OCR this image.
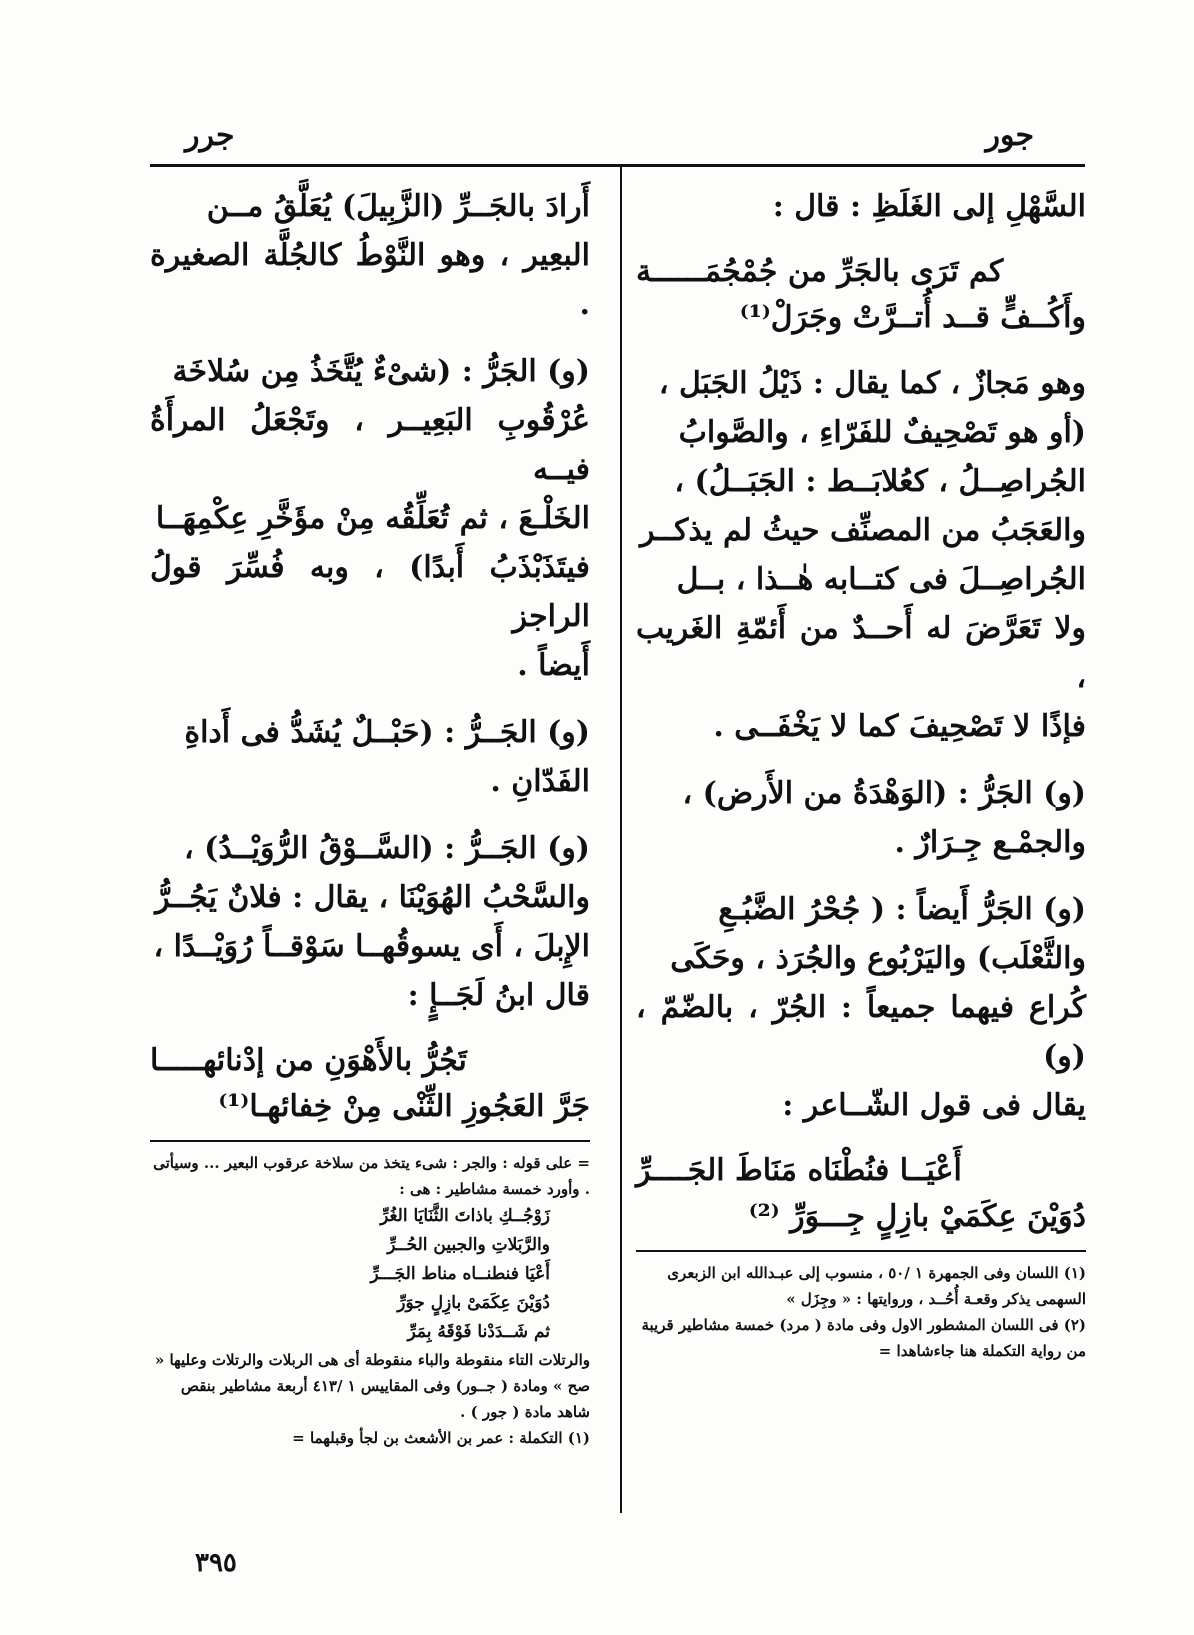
جور
جرر

السَّهْلِ إلى الغَلَظِ : قال :

كم تَرَى بالجَرِّ من جُمْجُمَــــــة

وأَكُــفٍّ قــد أُتــرَّتْ وجَرَلْ⁽¹⁾

وهو مَجازٌ ، كما يقال : ذَيْلُ الجَبَل ،

(أو هو تَصْحِيفٌ للفَرّاءِ ، والصَّوابُ

الجُراصِــلُ ، كعُلابَــط : الجَبَــلُ) ،

والعَجَبُ من المصنِّف حيثُ لم يذكــر

الجُراصِــلَ فى كتــابه هٰــذا ، بــل

ولا تَعَرَّضَ له أَحــدٌ من أَئمّةِ الغَريب ،

فإذًا لا تَصْحِيفَ كما لا يَخْفَــى .

(و) الجَرُّ : (الوَهْدَةُ من الأَرض) ،

والجمْـع جِـرَارٌ .

(و) الجَرُّ أَيضاً : ( جُحْرُ الضَّبُـعِ

والثَّعْلَب) واليَرْبُوع والجُرَذ ، وحَكَى

كُراع فيهما جميعاً : الجُرّ ، بالضّمّ ، (و)

يقال فى قول الشّــاعر :

أَعْيَــا فنُطْنَاه مَنَاطَ الجَــــرِّ

دُوَيْنَ عِكَمَيْ بازِلٍ جِـــوَرِّ ⁽²⁾

(١) اللسان وفى الجمهرة ١ /٥٠ ، منسوب إلى عبـدالله ابن الزبعرى السهمى يذكر وقعـة أُحُــد ، وروايتها : « وجِزَل »

(٢) فى اللسان المشطور الاول وفى مادة ( مرد) خمسة مشاطير قريبة من رواية التكملة هنا جاءشاهدا =

أَرادَ بالجَــرِّ (الزَّبِيلَ) يُعَلَّقُ مــن

البعِير ، وهو النَّوْطُ كالجُلَّة الصغيرة .

(و) الجَرُّ : (شىْءٌ يُتَّخَذُ مِن سُلاخَة

عُرْقُوبِ البَعِيــر ، وتَجْعَلُ المرأَةُ فيــه

الخَلْـعَ ، ثم تُعَلِّقُه مِنْ مؤَخَّرِ عِكْمِهَــا

فيتَذَبْذَبُ أَبدًا) ، وبه فُسِّرَ قولُ الراجز

أَيضاً .

(و) الجَــرُّ : (حَبْــلٌ يُشَدُّ فى أَداةِ

الفَدّانِ .

(و) الجَــرُّ : (السَّــوْقُ الرُّوَيْــدُ) ،

والسَّحْبُ الهُوَيْنَا ، يقال : فلانٌ يَجُــرُّ

الإِبلَ ، أَى يسوقُهــا سَوْقــاً رُوَيْــدًا ،

قال ابنُ لَجَــإٍ :

تَجُرُّ بالأَهْوَنِ من إدْنائهـــــا

جَرَّ العَجُوزِ الثِّنْى مِنْ خِفائهـا⁽¹⁾

= على قوله : والجر : شىء يتخذ من سلاخة عرقوب البعير ... وسيأتى . وأورد خمسة مشاطير : هى :

زَوْجُــكِ باذاتَ الثَّنَايَا الغُرِّ

والرَّبَلاتِ والجبين الحُــرِّ

أَعْيَا فنطنــاه مناط الجَـــرِّ

دُوَيْنَ عِكَمَىْ بازِلٍ جوَرِّ

ثم شَــدَدْنا فَوْقَهُ بِمَرِّ

والرتلات التاء منقوطة والباء منقوطة أى هى الربلات والرتلات وعليها « صح » ومادة ( جــور) وفى المقاييس ١ /٤١٣ أربعة مشاطير بنقص شاهد مادة ( جور ) .

(١) التكملة : عمر بن الأشعث بن لجأ وقبلهما =

٣٩٥
